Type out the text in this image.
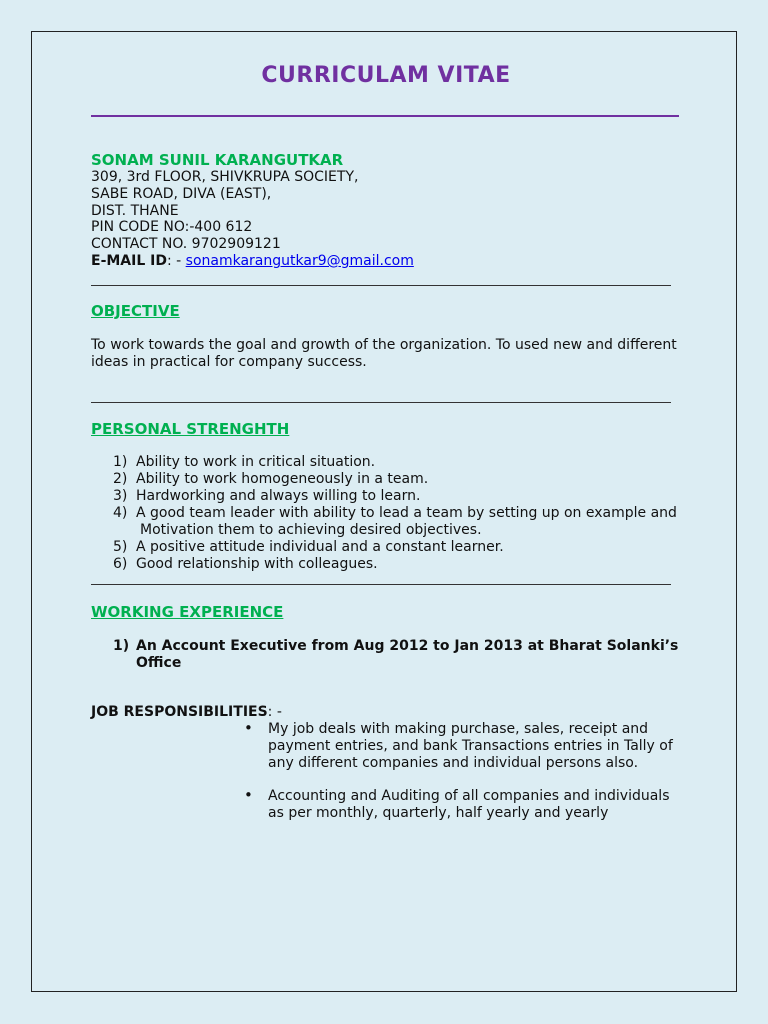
CURRICULAM VITAE
SONAM SUNIL KARANGUTKAR
309, 3rd FLOOR, SHIVKRUPA SOCIETY,
SABE ROAD, DIVA (EAST),
DIST. THANE
PIN CODE NO:-400 612
CONTACT NO. 9702909121
E-MAIL ID: - sonamkarangutkar9@gmail.com
OBJECTIVE
To work towards the goal and growth of the organization. To used new and different ideas in practical for company success.
PERSONAL STRENGHTH
1) Ability to work in critical situation.
2) Ability to work homogeneously in a team.
3) Hardworking and always willing to learn.
4) A good team leader with ability to lead a team by setting up on example and
Motivation them to achieving desired objectives.
5) A positive attitude individual and a constant learner.
6) Good relationship with colleagues.
WORKING EXPERIENCE
1) An Account Executive from Aug 2012 to Jan 2013 at Bharat Solanki’s Office
JOB RESPONSIBILITIES: -
• My job deals with making purchase, sales, receipt and payment entries, and bank Transactions entries in Tally of any different companies and individual persons also.
• Accounting and Auditing of all companies and individuals as per monthly, quarterly, half yearly and yearly
